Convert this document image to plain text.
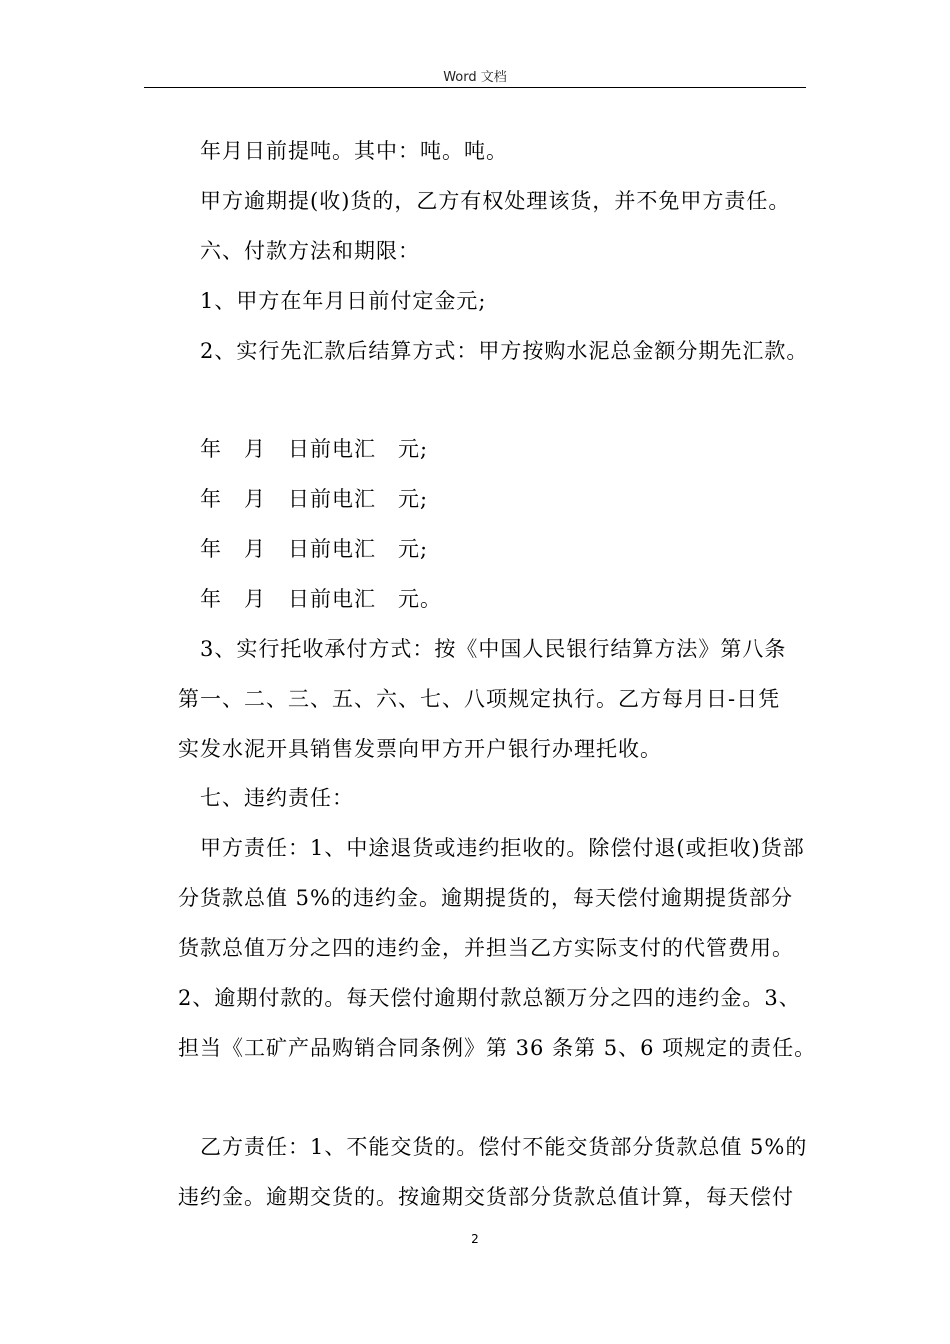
Word 文档
年月日前提吨。其中：吨。吨。
甲方逾期提(收)货的，乙方有权处理该货，并不免甲方责任。
六、付款方法和期限：
1、甲方在年月日前付定金元;
2、实行先汇款后结算方式：甲方按购水泥总金额分期先汇款。
年 月 日前电汇 元;
年 月 日前电汇 元;
年 月 日前电汇 元;
年 月 日前电汇 元。
3、实行托收承付方式：按《中国人民银行结算方法》第八条
第一、二、三、五、六、七、八项规定执行。乙方每月日-日凭
实发水泥开具销售发票向甲方开户银行办理托收。
七、违约责任：
甲方责任：1、中途退货或违约拒收的。除偿付退(或拒收)货部
分货款总值 5%的违约金。逾期提货的，每天偿付逾期提货部分
货款总值万分之四的违约金，并担当乙方实际支付的代管费用。
2、逾期付款的。每天偿付逾期付款总额万分之四的违约金。3、
担当《工矿产品购销合同条例》第 36 条第 5、6 项规定的责任。
乙方责任：1、不能交货的。偿付不能交货部分货款总值 5%的
违约金。逾期交货的。按逾期交货部分货款总值计算，每天偿付
2
